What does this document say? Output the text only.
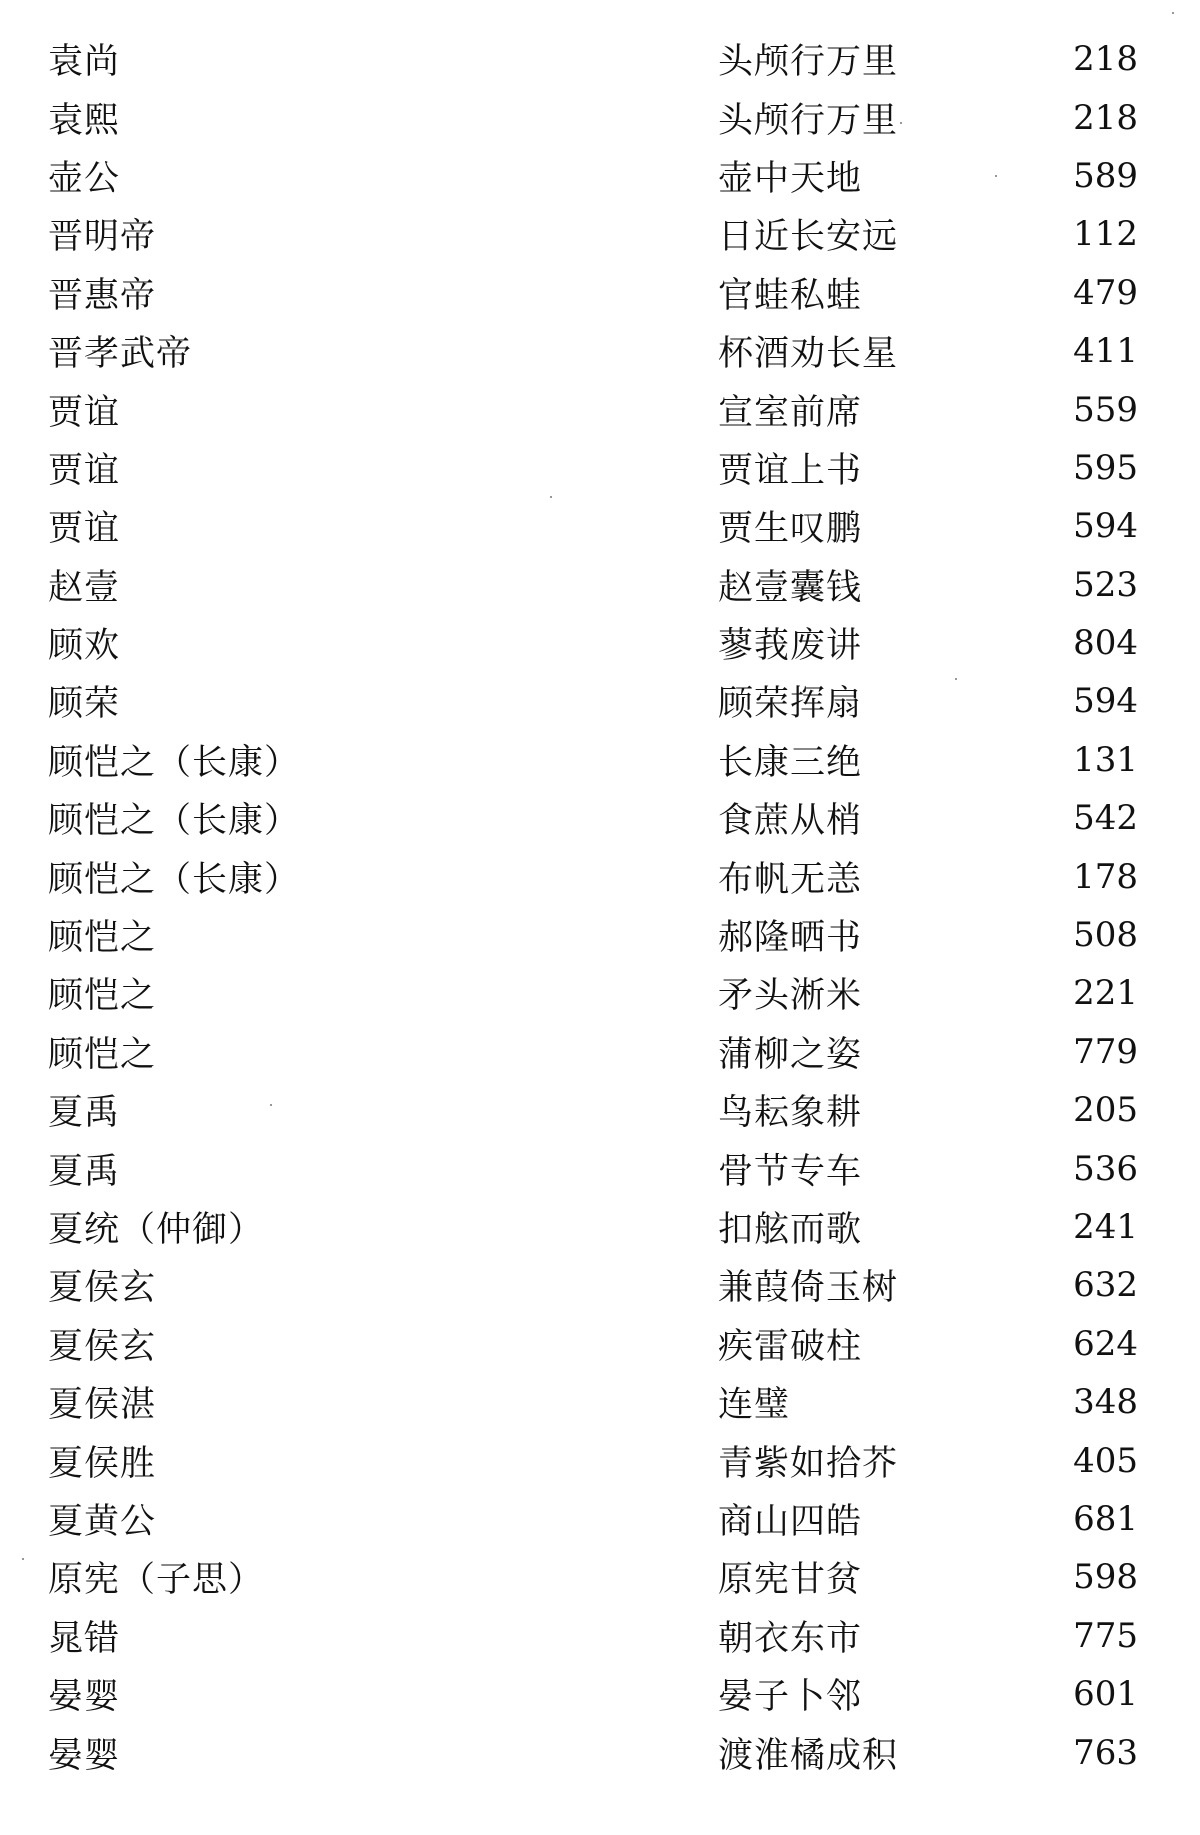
袁尚	头颅行万里	218
袁熙	头颅行万里	218
壶公	壶中天地	589
晋明帝	日近长安远	112
晋惠帝	官蛙私蛙	479
晋孝武帝	杯酒劝长星	411
贾谊	宣室前席	559
贾谊	贾谊上书	595
贾谊	贾生叹鹏	594
赵壹	赵壹囊钱	523
顾欢	蓼莪废讲	804
顾荣	顾荣挥扇	594
顾恺之（长康）	长康三绝	131
顾恺之（长康）	食蔗从梢	542
顾恺之（长康）	布帆无恙	178
顾恺之	郝隆晒书	508
顾恺之	矛头淅米	221
顾恺之	蒲柳之姿	779
夏禹	鸟耘象耕	205
夏禹	骨节专车	536
夏统（仲御）	扣舷而歌	241
夏侯玄	兼葭倚玉树	632
夏侯玄	疾雷破柱	624
夏侯湛	连璧	348
夏侯胜	青紫如拾芥	405
夏黄公	商山四皓	681
原宪（子思）	原宪甘贫	598
晁错	朝衣东市	775
晏婴	晏子卜邻	601
晏婴	渡淮橘成积	763
